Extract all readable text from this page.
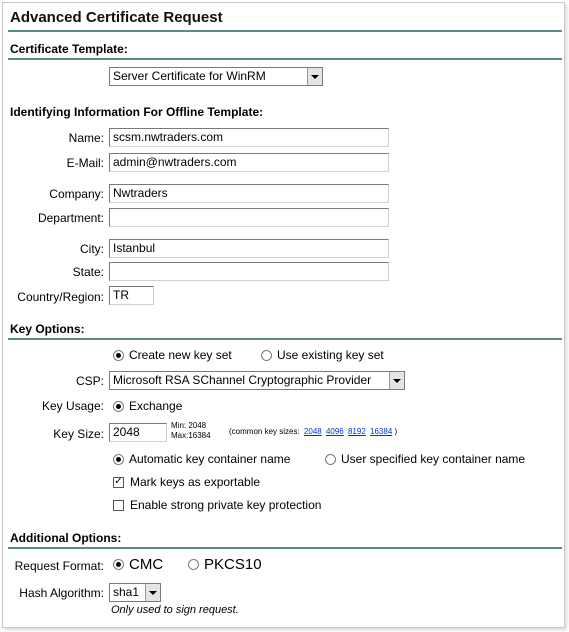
Advanced Certificate Request
Certificate Template:
Server Certificate for WinRM
Identifying Information For Offline Template:
Name: scsm.nwtraders.com
E-Mail: admin@nwtraders.com
Company: Nwtraders
Department:
City: Istanbul
State:
Country/Region: TR
Key Options:
Create new key set	Use existing key set
CSP: Microsoft RSA SChannel Cryptographic Provider
Key Usage: Exchange
Key Size: 2048	Min: 2048
Max:16384 (common key sizes: 2048 4096 8192 16384 )
Automatic key container name	User specified key container name
✓ Mark keys as exportable
Enable strong private key protection
Additional Options:
Request Format: CMC	PKCS10
Hash Algorithm: sha1
Only used to sign request.
